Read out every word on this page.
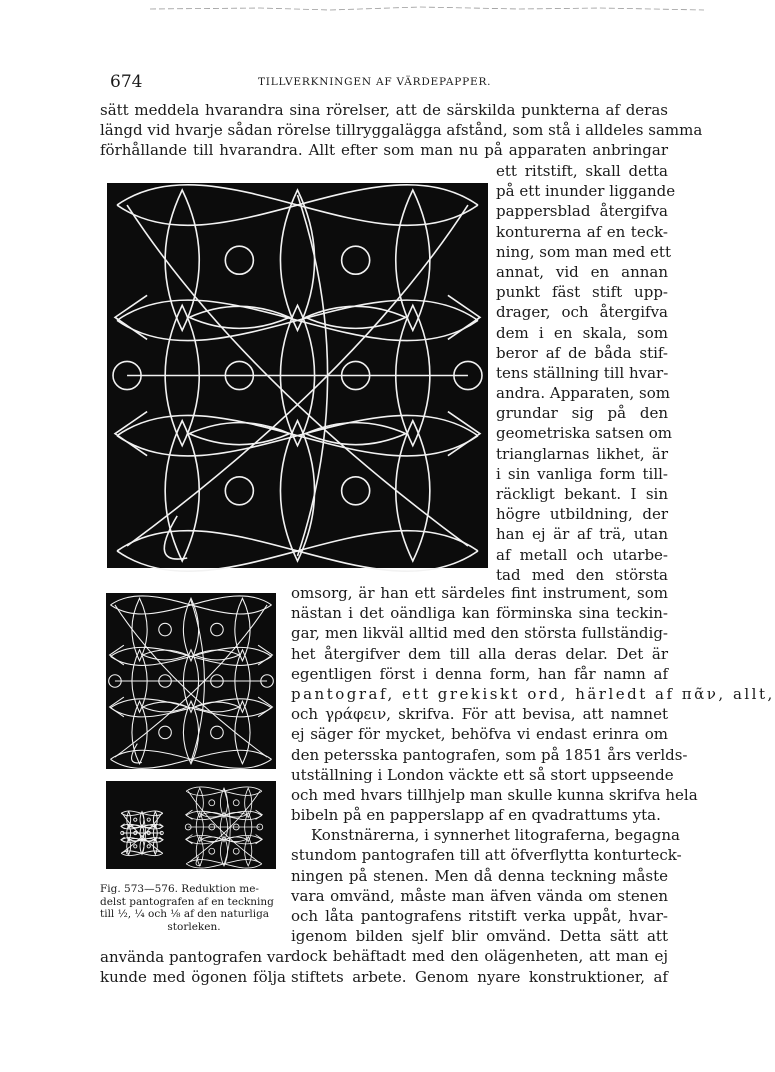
674	TILLVERKNINGEN AF VÄRDEPAPPER.
sätt meddela hvarandra sina rörelser, att de särskilda punkterna af deras
längd vid hvarje sådan rörelse tillryggalägga afstånd, som stå i alldeles samma
förhållande till hvarandra. Allt efter som man nu på apparaten anbringar
ett ritstift, skall detta
på ett inunder liggande
pappersblad återgifva
konturerna af en teck-
ning, som man med ett
annat, vid en annan
punkt fäst stift upp-
drager, och återgifva
dem i en skala, som
beror af de båda stif-
tens ställning till hvar-
andra. Apparaten, som
grundar sig på den
geometriska satsen om
trianglarnas likhet, är
i sin vanliga form till-
räckligt bekant. I sin
högre utbildning, der
han ej är af trä, utan
af metall och utarbe-
tad med den största
omsorg, är han ett särdeles fint instrument, som
nästan i det oändliga kan förminska sina teckin-
gar, men likväl alltid med den största fullständig-
het återgifver dem till alla deras delar. Det är
egentligen först i denna form, han får namn af
pantograf, ett grekiskt ord, härledt af πᾶν, allt,
och γράφειν, skrifva. För att bevisa, att namnet
ej säger för mycket, behöfva vi endast erinra om
den petersska pantografen, som på 1851 års verlds-
utställning i London väckte ett så stort uppseende
och med hvars tillhjelp man skulle kunna skrifva hela
bibeln på en papperslapp af en qvadrattums yta.
Konstnärerna, i synnerhet litograferna, begagna
stundom pantografen till att öfverflytta konturteck-
ningen på stenen. Men då denna teckning måste
vara omvänd, måste man äfven vända om stenen
och låta pantografens ritstift verka uppåt, hvar-
igenom bilden sjelf blir omvänd. Detta sätt att
dock behäftadt med den olägenheten, att man ej
stiftets arbete. Genom nyare konstruktioner, af
Fig. 573—576. Reduktion me-
delst pantografen af en teckning
till ½, ¼ och ⅛ af den naturliga
storleken.
använda pantografen var
kunde med ögonen följa
